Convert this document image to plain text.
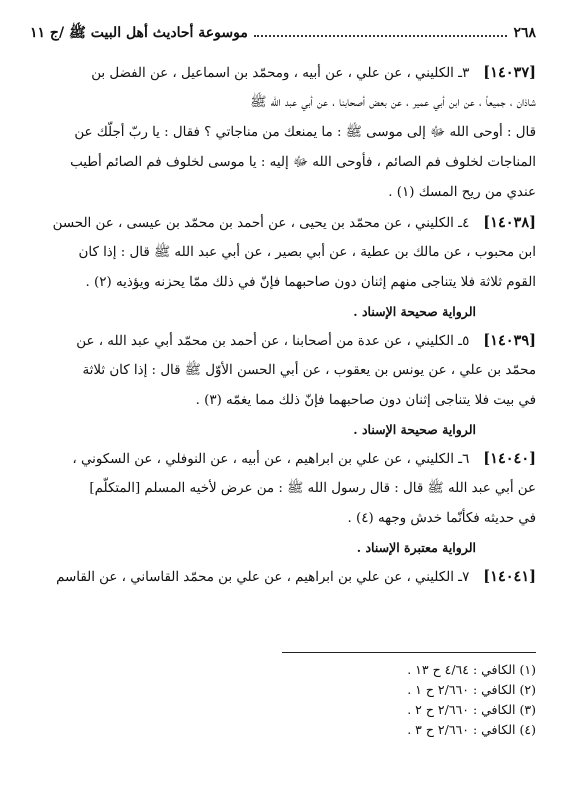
٢٦٨
موسوعة أحاديث أهل البيت ﷺ /ج ١١
[١٤٠٣٧]٣ـ الكليني ، عن علي ، عن أبيه ، ومحمّد بن اسماعيل ، عن الفضل بن
شاذان ، جميعاً ، عن ابن أبي عمير ، عن بعض أصحابنا ، عن أبي عبد الله ﷺ
قال : أوحى الله ﷻ إلى موسى ﷺ : ما يمنعك من مناجاتي ؟ فقال : يا ربّ أجلّك عن
المناجات لخلوف فم الصائم ، فأوحى الله ﷻ إليه : يا موسى لخلوف فم الصائم أطيب
عندي من ريح المسك (١) .
[١٤٠٣٨]٤ـ الكليني ، عن محمّد بن يحيى ، عن أحمد بن محمّد بن عيسى ، عن الحسن
ابن محبوب ، عن مالك بن عطية ، عن أبي بصير ، عن أبي عبد الله ﷺ قال : إذا كان
القوم ثلاثة فلا يتناجى منهم إثنان دون صاحبهما فإنّ في ذلك ممّا يحزنه ويؤذيه (٢) .
الرواية صحيحة الإسناد .
[١٤٠٣٩]٥ـ الكليني ، عن عدة من أصحابنا ، عن أحمد بن محمّد أبي عبد الله ، عن
محمّد بن علي ، عن يونس بن يعقوب ، عن أبي الحسن الأوّل ﷺ قال : إذا كان ثلاثة
في بيت فلا يتناجى إثنان دون صاحبهما فإنّ ذلك مما يغمّه (٣) .
الرواية صحيحة الإسناد .
[١٤٠٤٠]٦ـ الكليني ، عن علي بن ابراهيم ، عن أبيه ، عن النوفلي ، عن السكوني ،
عن أبي عبد الله ﷺ قال : قال رسول الله ﷺ : من عرض لأخيه المسلم [المتكلّم]
في حديثه فكأنّما خدش وجهه (٤) .
الرواية معتبرة الإسناد .
[١٤٠٤١]٧ـ الكليني ، عن علي بن ابراهيم ، عن علي بن محمّد القاساني ، عن القاسم
(١) الكافي : ٤/٦٤ ح ١٣ .
(٢) الكافي : ٢/٦٦٠ ح ١ .
(٣) الكافي : ٢/٦٦٠ ح ٢ .
(٤) الكافي : ٢/٦٦٠ ح ٣ .
